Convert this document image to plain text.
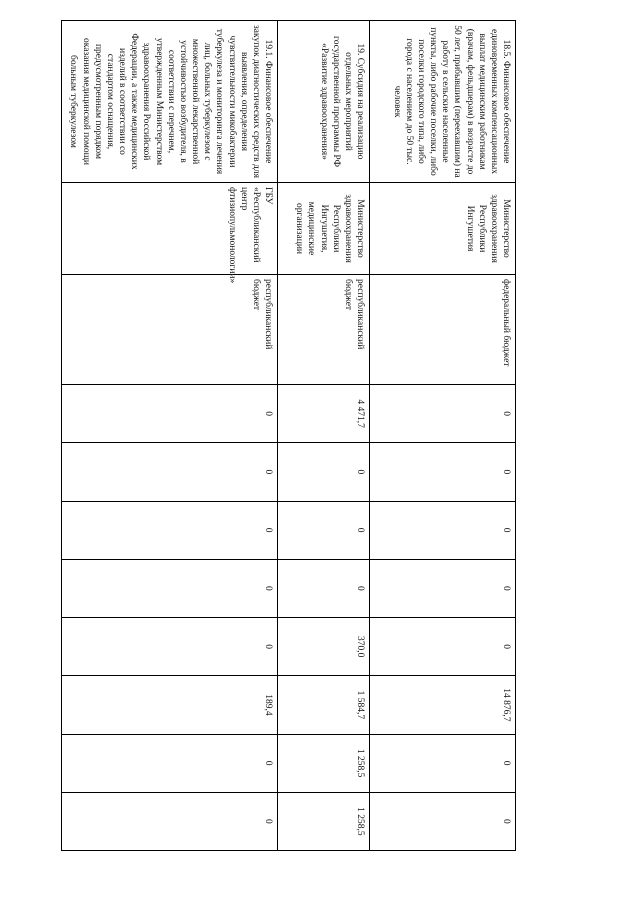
18.5. Финансовое обеспечение единовременных компенсационных выплат медицинским работникам (врачам, фельдшерам) в возрасте до 50 лет, прибывшим (переехавшим) на работу в сельские населенные пункты, либо рабочие поселки, либо поселки городского типа, либо города с населением до 50 тыс. человек	Министерство здравоохранения Республики Ингушетия	федеральный бюджет	0	0	0	0	0	14 876,7	0	0
19. Субсидия на реализацию отдельных мероприятий государственной программы РФ «Развитие здравоохранения»	Министерство здравоохранения Республики Ингушетия, медицинские организации	республиканский бюджет	4 471,7	0	0	0	370,0	1 584,7	1 258,5	1 258,5
19.1. Финансовое обеспечение закупок диагностических средств для выявления, определения чувствительности микобактерии туберкулеза и мониторинга лечения лиц, больных туберкулезом с множественной лекарственной устойчивостью возбудителя, в соответствии с перечнем, утвержденным Министерством здравоохранения Российской Федерации, а также медицинских изделий в соответствии со стандартом оснащения, предусмотренным порядком оказания медицинской помощи больным туберкулезом	ГБУ «Республиканский центр фтизиопульмонологии»	республиканский бюджет	0	0	0	0	0	189,4	0	0
